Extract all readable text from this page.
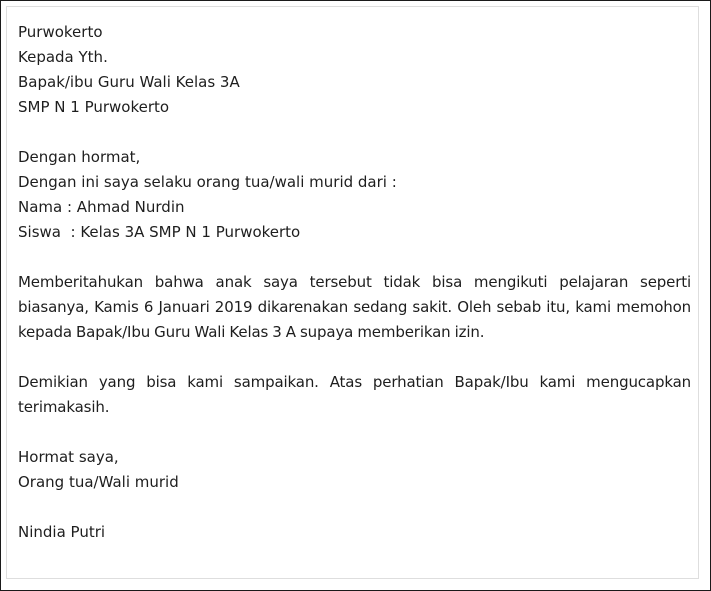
Purwokerto
Kepada Yth.
Bapak/ibu Guru Wali Kelas 3A
SMP N 1 Purwokerto
Dengan hormat,
Dengan ini saya selaku orang tua/wali murid dari :
Nama : Ahmad Nurdin
Siswa  : Kelas 3A SMP N 1 Purwokerto
Memberitahukan bahwa anak saya tersebut tidak bisa mengikuti pelajaran seperti biasanya, Kamis 6 Januari 2019 dikarenakan sedang sakit. Oleh sebab itu, kami memohon kepada Bapak/Ibu Guru Wali Kelas 3 A supaya memberikan izin.
Demikian yang bisa kami sampaikan. Atas perhatian Bapak/Ibu kami mengucapkan terimakasih.
Hormat saya,
Orang tua/Wali murid
Nindia Putri
